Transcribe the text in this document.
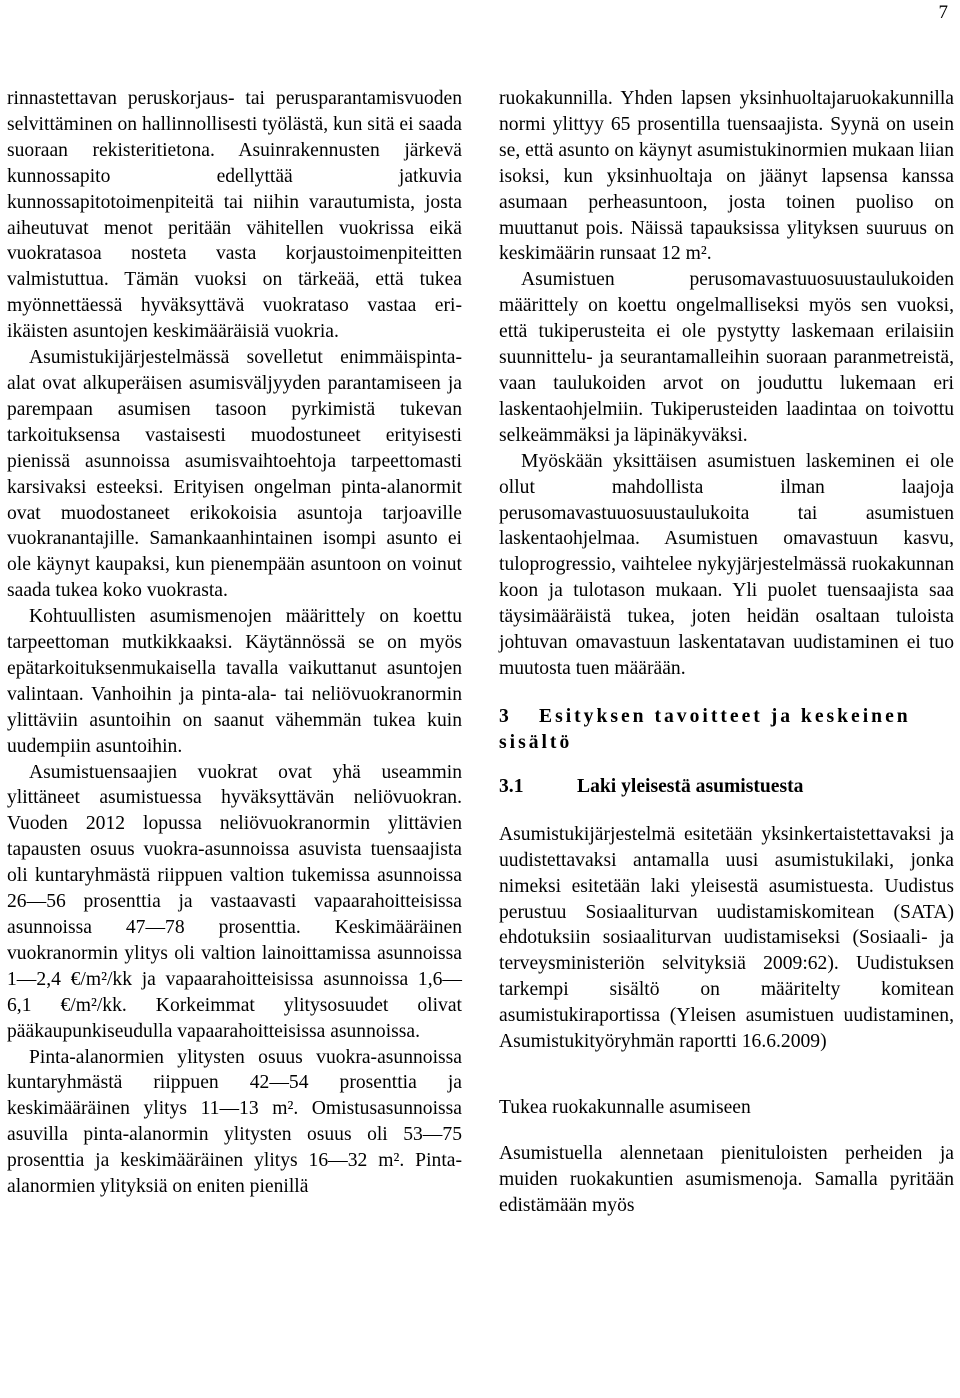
7

rinnastettavan peruskorjaus- tai perusparantamisvuoden selvittäminen on hallinnollisesti työlästä, kun sitä ei saada suoraan rekisteritietona. Asuinrakennusten järkevä kunnossapito edellyttää jatkuvia kunnossapitotoimenpiteitä tai niihin varautumista, josta aiheutuvat menot peritään vähitellen vuokrissa eikä vuokratasoa nosteta vasta korjaustoimenpiteitten valmistuttua. Tämän vuoksi on tärkeää, että tukea myönnettäessä hyväksyttävä vuokrataso vastaa eri-ikäisten asuntojen keskimääräisiä vuokria.

Asumistukijärjestelmässä sovelletut enimmäispinta-alat ovat alkuperäisen asumisväljyyden parantamiseen ja parempaan asumisen tasoon pyrkimistä tukevan tarkoituksensa vastaisesti muodostuneet erityisesti pienissä asunnoissa asumisvaihtoehtoja tarpeettomasti karsivaksi esteeksi. Erityisen ongelman pinta-alanormit ovat muodostaneet erikokoisia asuntoja tarjoaville vuokranantajille. Samankaanhintainen isompi asunto ei ole käynyt kaupaksi, kun pienempään asuntoon on voinut saada tukea koko vuokrasta.

Kohtuullisten asumismenojen määrittely on koettu tarpeettoman mutkikkaaksi. Käytännössä se on myös epätarkoituksenmukaisella tavalla vaikuttanut asuntojen valintaan. Vanhoihin ja pinta-ala- tai neliövuokranormin ylittäviin asuntoihin on saanut vähemmän tukea kuin uudempiin asuntoihin.

Asumistuensaajien vuokrat ovat yhä useammin ylittäneet asumistuessa hyväksyttävän neliövuokran. Vuoden 2012 lopussa neliövuokranormin ylittävien tapausten osuus vuokra-asunnoissa asuvista tuensaajista oli kuntaryhmästä riippuen valtion tukemissa asunnoissa 26—56 prosenttia ja vastaavasti vapaarahoitteisissa asunnoissa 47—78 prosenttia. Keskimääräinen vuokranormin ylitys oli valtion lainoittamissa asunnoissa 1—2,4 €/m²/kk ja vapaarahoitteisissa asunnoissa 1,6—6,1 €/m²/kk. Korkeimmat ylitysosuudet olivat pääkaupunkiseudulla vapaarahoitteisissa asunnoissa.

Pinta-alanormien ylitysten osuus vuokra-asunnoissa kuntaryhmästä riippuen 42—54 prosenttia ja keskimääräinen ylitys 11—13 m². Omistusasunnoissa asuvilla pinta-alanormin ylitysten osuus oli 53—75 prosenttia ja keskimääräinen ylitys 16—32 m². Pinta-alanormien ylityksiä on eniten pienillä

ruokakunnilla. Yhden lapsen yksinhuoltajaruokakunnilla normi ylittyy 65 prosentilla tuensaajista. Syynä on usein se, että asunto on käynyt asumistukinormien mukaan liian isoksi, kun yksinhuoltaja on jäänyt lapsensa kanssa asumaan perheasuntoon, josta toinen puoliso on muuttanut pois. Näissä tapauksissa ylityksen suuruus on keskimäärin runsaat 12 m².

Asumistuen perusomavastuuosuustaulukoiden määrittely on koettu ongelmalliseksi myös sen vuoksi, että tukiperusteita ei ole pystytty laskemaan erilaisiin suunnittelu- ja seurantamalleihin suoraan paranmetreistä, vaan taulukoiden arvot on jouduttu lukemaan eri laskentaohjelmiin. Tukiperusteiden laadintaa on toivottu selkeämmäksi ja läpinäkyväksi.

Myöskään yksittäisen asumistuen laskeminen ei ole ollut mahdollista ilman laajoja perusomavastuuosuustaulukoita tai asumistuen laskentaohjelmaa. Asumistuen omavastuun kasvu, tuloprogressio, vaihtelee nykyjärjestelmässä ruokakunnan koon ja tulotason mukaan. Yli puolet tuensaajista saa täysimääräistä tukea, joten heidän osaltaan tuloista johtuvan omavastuun laskentatavan uudistaminen ei tuo muutosta tuen määrään.

3 Esityksen tavoitteet ja keskeinen sisältö
3.1	Laki yleisestä asumistuesta

Asumistukijärjestelmä esitetään yksinkertaistettavaksi ja uudistettavaksi antamalla uusi asumistukilaki, jonka nimeksi esitetään laki yleisestä asumistuesta. Uudistus perustuu Sosiaaliturvan uudistamiskomitean (SATA) ehdotuksiin sosiaaliturvan uudistamiseksi (Sosiaali- ja terveysministeriön selvityksiä 2009:62). Uudistuksen tarkempi sisältö on määritelty komitean asumistukiraportissa (Yleisen asumistuen uudistaminen, Asumistukityöryhmän raportti 16.6.2009)

Tukea ruokakunnalle asumiseen

Asumistuella alennetaan pienituloisten perheiden ja muiden ruokakuntien asumismenoja. Samalla pyritään edistämään myös
